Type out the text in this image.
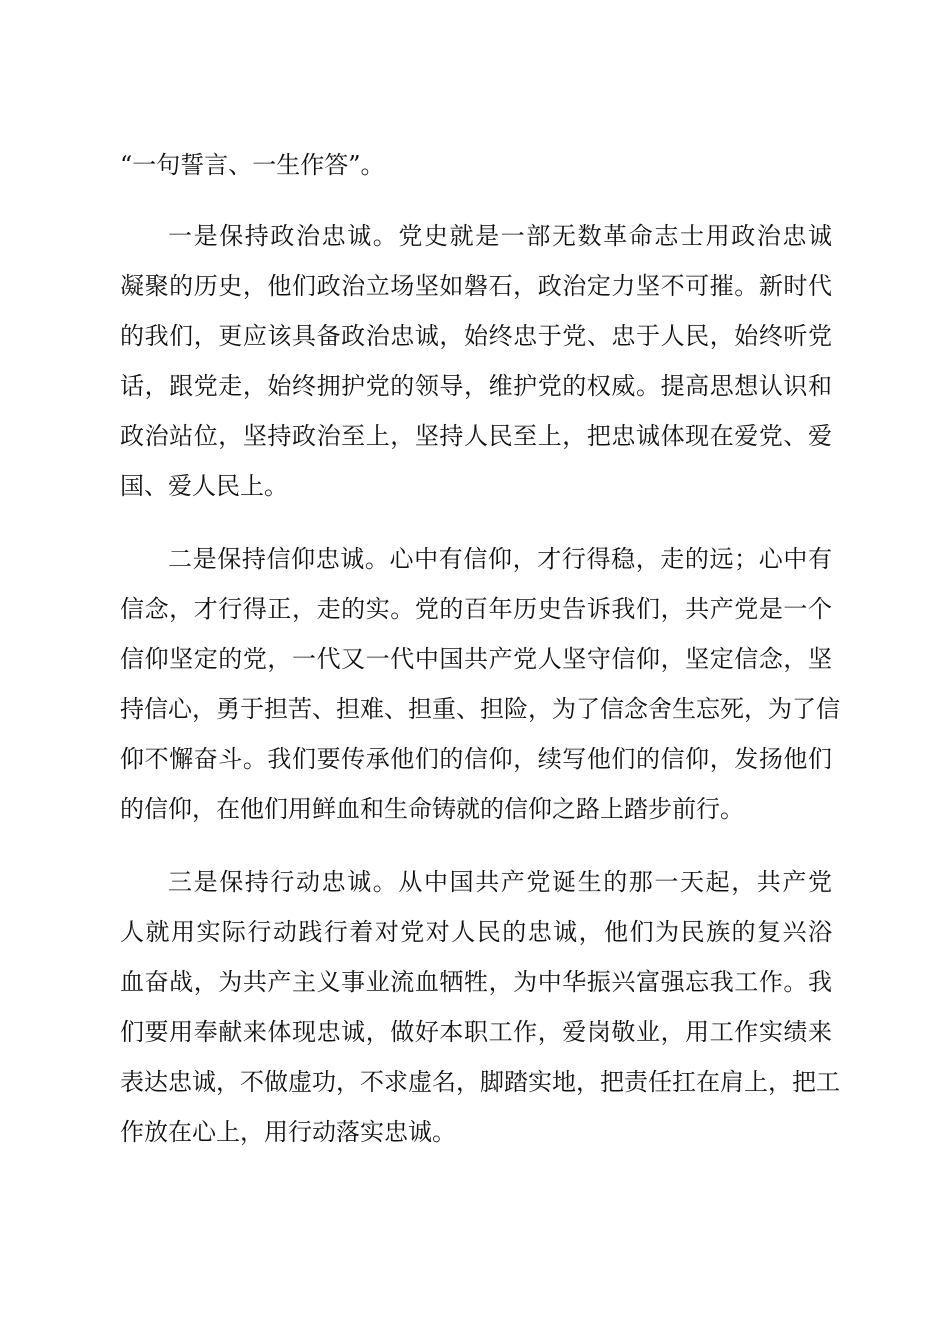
“一句誓言、一生作答”。
一是保持政治忠诚。党史就是一部无数革命志士用政治忠诚
凝聚的历史，他们政治立场坚如磐石，政治定力坚不可摧。新时代
的我们，更应该具备政治忠诚，始终忠于党、忠于人民，始终听党
话，跟党走，始终拥护党的领导，维护党的权威。提高思想认识和
政治站位，坚持政治至上，坚持人民至上，把忠诚体现在爱党、爱
国、爱人民上。
二是保持信仰忠诚。心中有信仰，才行得稳，走的远；心中有
信念，才行得正，走的实。党的百年历史告诉我们，共产党是一个
信仰坚定的党，一代又一代中国共产党人坚守信仰，坚定信念，坚
持信心，勇于担苦、担难、担重、担险，为了信念舍生忘死，为了信
仰不懈奋斗。我们要传承他们的信仰，续写他们的信仰，发扬他们
的信仰，在他们用鲜血和生命铸就的信仰之路上踏步前行。
三是保持行动忠诚。从中国共产党诞生的那一天起，共产党
人就用实际行动践行着对党对人民的忠诚，他们为民族的复兴浴
血奋战，为共产主义事业流血牺牲，为中华振兴富强忘我工作。我
们要用奉献来体现忠诚，做好本职工作，爱岗敬业，用工作实绩来
表达忠诚，不做虚功，不求虚名，脚踏实地，把责任扛在肩上，把工
作放在心上，用行动落实忠诚。
